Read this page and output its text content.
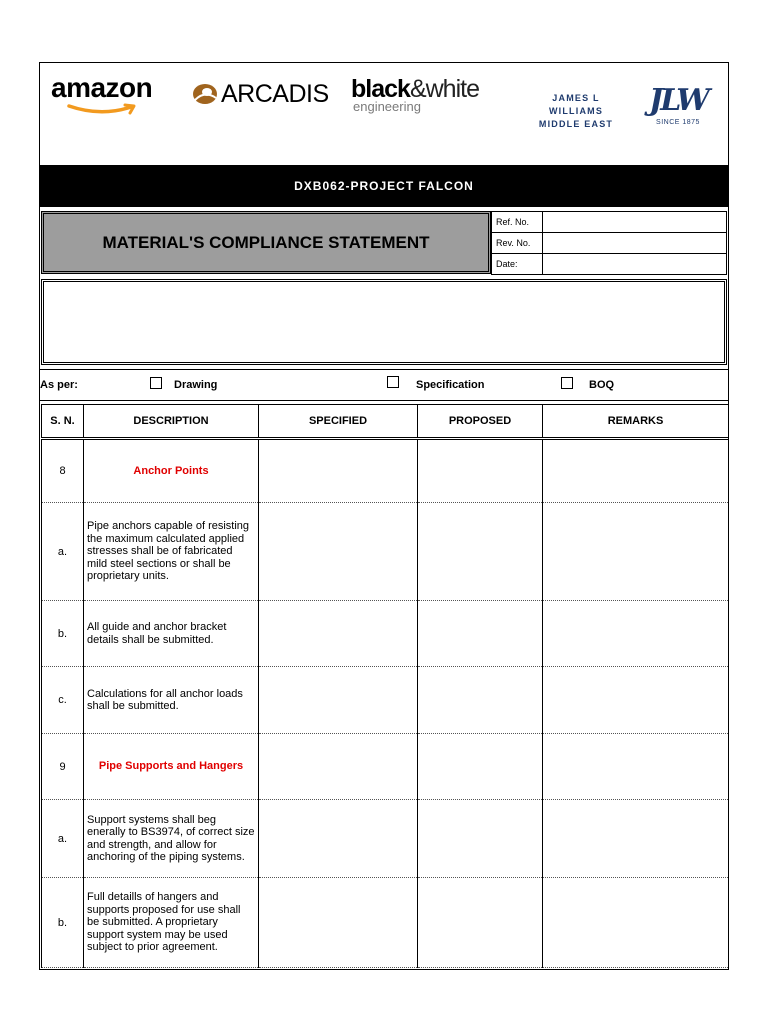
amazon	ARCADIS black&white
engineering
JAMES L WILLIAMS
MIDDLE EAST
JLW
SINCE 1875
DXB062-PROJECT FALCON
MATERIAL'S COMPLIANCE STATEMENT
Ref. No.	
Rev. No.	
Date:	
As per:	Drawing	Specification	BOQ
S. N.	DESCRIPTION	SPECIFIED	PROPOSED	REMARKS
8	Anchor Points			
a.	Pipe anchors capable of resisting the maximum calculated applied stresses shall be of fabricated mild steel sections or shall be proprietary units.			
b.	All guide and anchor bracket details shall be submitted.			
c.	Calculations for all anchor loads shall be submitted.			
9	Pipe Supports and Hangers			
a.	Support systems shall beg enerally to BS3974, of correct size and strength, and allow for anchoring of the piping systems.			
b.	Full detaills of hangers and supports proposed for use shall be submitted. A proprietary support system may be used subject to prior agreement.			
